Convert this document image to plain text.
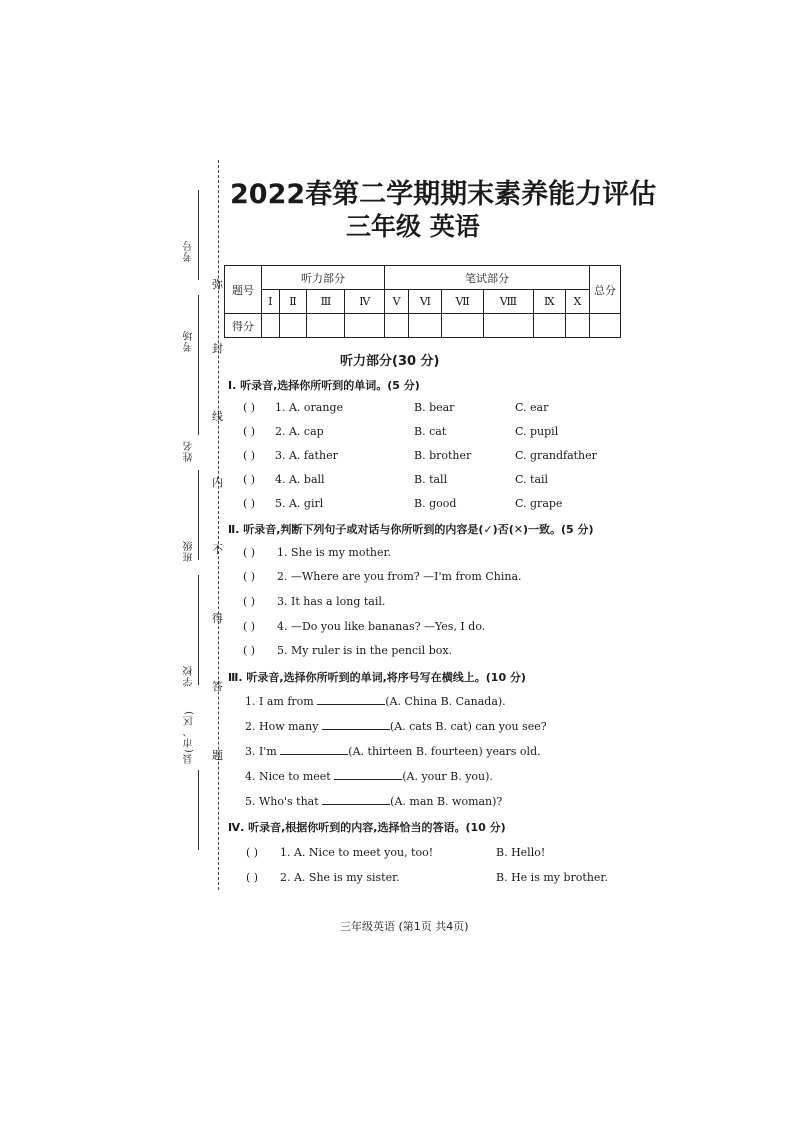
考号
考场
姓名
班级
学校
县(市、区)
弥
封
线
内
不
得
答
题
2022春第二学期期末素养能力评估
三年级 英语
题号	听力部分				笔试部分						总分
	Ⅰ	Ⅱ	Ⅲ	Ⅳ	Ⅴ	Ⅵ	Ⅶ	Ⅷ	Ⅸ	Ⅹ	
得分											
听力部分(30 分)
Ⅰ. 听录音,选择你所听到的单词。(5 分)
( ) 1. A. orange	B. bear	C. ear
( ) 2. A. cap	B. cat	C. pupil
( ) 3. A. father	B. brother	C. grandfather
( ) 4. A. ball	B. tall	C. tail
( ) 5. A. girl	B. good	C. grape
Ⅱ. 听录音,判断下列句子或对话与你所听到的内容是(✓)否(✕)一致。(5 分)
( ) 1. She is my mother.
( ) 2. —Where are you from? —I'm from China.
( ) 3. It has a long tail.
( ) 4. —Do you like bananas? —Yes, I do.
( ) 5. My ruler is in the pencil box.
Ⅲ. 听录音,选择你所听到的单词,将序号写在横线上。(10 分)
1. I am from	(A. China B. Canada).
2. How many	(A. cats B. cat) can you see?
3. I'm	(A. thirteen B. fourteen) years old.
4. Nice to meet	(A. your B. you).
5. Who's that	(A. man B. woman)?
Ⅳ. 听录音,根据你听到的内容,选择恰当的答语。(10 分)
( ) 1. A. Nice to meet you, too!	B. Hello!
( ) 2. A. She is my sister.	B. He is my brother.
三年级英语 (第1页 共4页)
